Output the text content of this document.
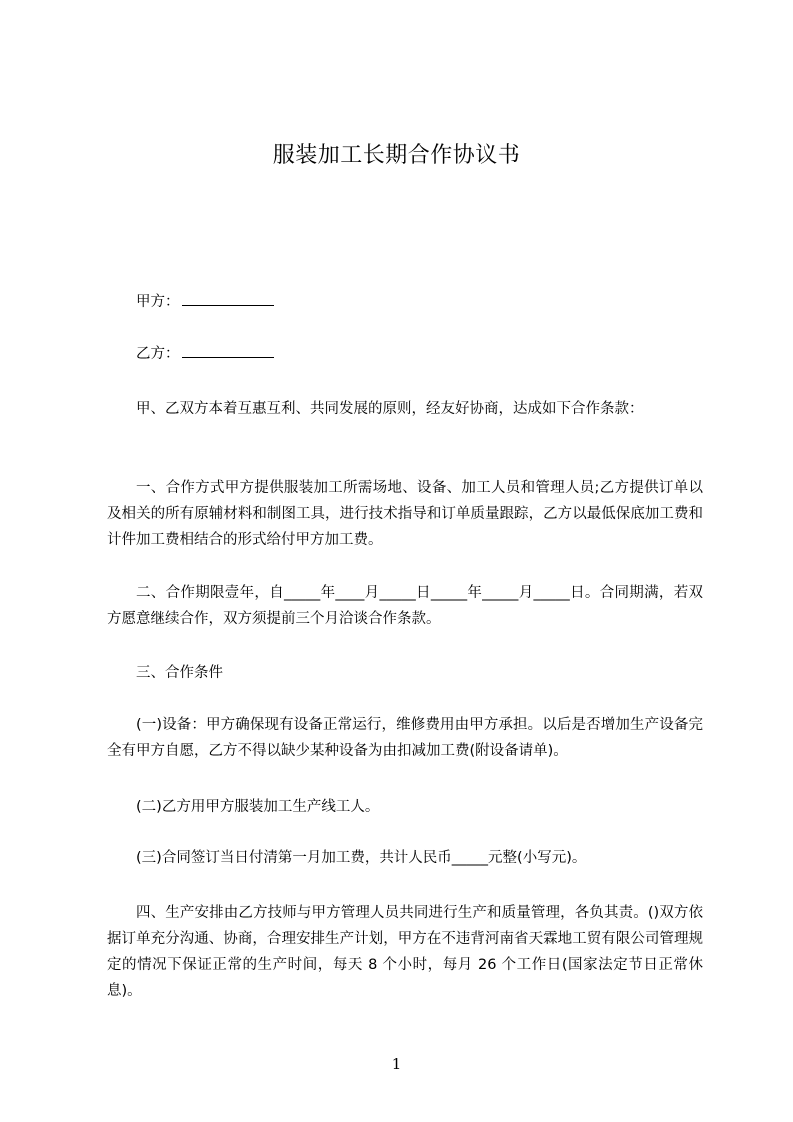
服装加工长期合作协议书

甲方：

乙方：

甲、乙双方本着互惠互利、共同发展的原则，经友好协商，达成如下合作条款：

一、合作方式甲方提供服装加工所需场地、设备、加工人员和管理人员;乙方提供订单以及相关的所有原辅材料和制图工具，进行技术指导和订单质量跟踪，乙方以最低保底加工费和计件加工费相结合的形式给付甲方加工费。

二、合作期限壹年，自_____年____月_____日_____年_____月_____日。合同期满，若双方愿意继续合作，双方须提前三个月洽谈合作条款。

三、合作条件

(一)设备：甲方确保现有设备正常运行，维修费用由甲方承担。以后是否增加生产设备完全有甲方自愿，乙方不得以缺少某种设备为由扣减加工费(附设备请单)。

(二)乙方用甲方服装加工生产线工人。

(三)合同签订当日付清第一月加工费，共计人民币_____元整(小写元)。

四、生产安排由乙方技师与甲方管理人员共同进行生产和质量管理，各负其责。()双方依据订单充分沟通、协商，合理安排生产计划，甲方在不违背河南省天霖地工贸有限公司管理规定的情况下保证正常的生产时间，每天 8 个小时，每月 26 个工作日(国家法定节日正常休息)。

1
